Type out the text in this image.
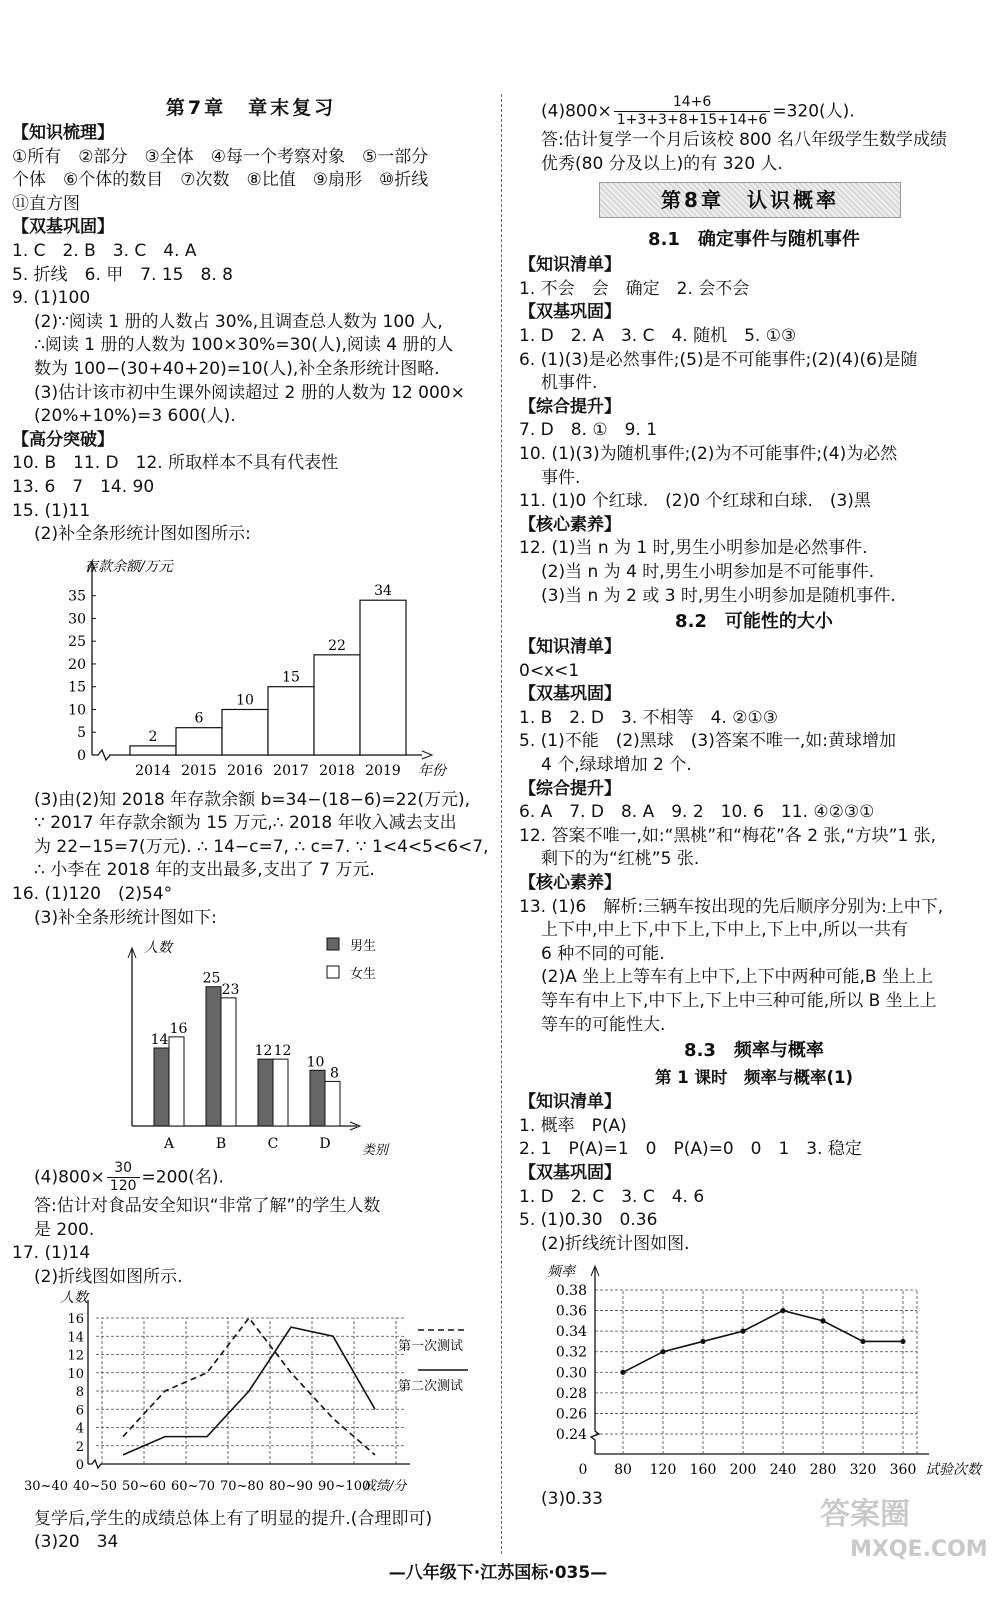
第7章　章末复习
【知识梳理】
①所有　②部分　③全体　④每一个考察对象　⑤一部分
个体　⑥个体的数目　⑦次数　⑧比值　⑨扇形　⑩折线
⑪直方图
【双基巩固】
1. C　2. B　3. C　4. A
5. 折线　6. 甲　7. 15　8. 8
9. (1)100
(2)∵阅读 1 册的人数占 30%,且调查总人数为 100 人,
∴阅读 1 册的人数为 100×30%=30(人),阅读 4 册的人
数为 100−(30+40+20)=10(人),补全条形统计图略.
(3)估计该市初中生课外阅读超过 2 册的人数为 12 000×
(20%+10%)=3 600(人).
【高分突破】
10. B　11. D　12. 所取样本不具有代表性
13. 6　7　14. 90
15. (1)11
(2)补全条形统计图如图所示:
存款余额/万元
0
5
10
15
20
25
30
35
2
2014
6
2015
10
2016
15
2017
22
2018
34
2019 年份
(3)由(2)知 2018 年存款余额 b=34−(18−6)=22(万元),
∵ 2017 年存款余额为 15 万元,∴ 2018 年收入减去支出
为 22−15=7(万元). ∴ 14−c=7, ∴ c=7. ∵ 1<4<5<6<7,
∴ 小李在 2018 年的支出最多,支出了 7 万元.
16. (1)120　(2)54°
(3)补全条形统计图如下:
人数
14
16
A
25
23
B
12 12
C
10
8
D 类别
男生
女生
$(4)800\times \frac{30}{120} =200$(名).
答:估计对食品安全知识“非常了解”的学生人数
是 200.
17. (1)14
(2)折线图如图所示.
人数
0
2
4
6
8
10
12
14
16
第一次测试
第二次测试
30~40 40~50 50~60 60~70 70~80 80~90 90~100
成绩/分
复学后,学生的成绩总体上有了明显的提升.(合理即可)
(3)20　34
$(4)800\times \frac{14+6}{1+3+3+8+15+14+6} =320$(人).
答:估计复学一个月后该校 800 名八年级学生数学成绩
优秀(80 分及以上)的有 320 人.
第8章　认识概率
8.1　确定事件与随机事件
【知识清单】
1. 不会　会　确定　2. 会不会
【双基巩固】
1. D　2. A　3. C　4. 随机　5. ①③
6. (1)(3)是必然事件;(5)是不可能事件;(2)(4)(6)是随
机事件.
【综合提升】
7. D　8. ①　9. 1
10. (1)(3)为随机事件;(2)为不可能事件;(4)为必然
事件.
11. (1)0 个红球.　(2)0 个红球和白球.　(3)黑
【核心素养】
12. (1)当 n 为 1 时,男生小明参加是必然事件.
(2)当 n 为 4 时,男生小明参加是不可能事件.
(3)当 n 为 2 或 3 时,男生小明参加是随机事件.
8.2　可能性的大小
【知识清单】
0<x<1
【双基巩固】
1. B　2. D　3. 不相等　4. ②①③
5. (1)不能　(2)黑球　(3)答案不唯一,如:黄球增加
4 个,绿球增加 2 个.
【综合提升】
6. A　7. D　8. A　9. 2　10. 6　11. ④②③①
12. 答案不唯一,如:“黑桃”和“梅花”各 2 张,“方块”1 张,
剩下的为“红桃”5 张.
【核心素养】
13. (1)6　解析:三辆车按出现的先后顺序分别为:上中下,
上下中,中上下,中下上,下中上,下上中,所以一共有
6 种不同的可能.
(2)A 坐上上等车有上中下,上下中两种可能,B 坐上上
等车有中上下,中下上,下上中三种可能,所以 B 坐上上
等车的可能性大.
8.3　频率与概率
第 1 课时　频率与概率(1)
【知识清单】
1. 概率　P(A)
2. 1　P(A)=1　0　P(A)=0　0　1　3. 稳定
【双基巩固】
1. D　2. C　3. C　4. 6
5. (1)0.30　0.36
(2)折线统计图如图.
频率
0.24
0.26
0.28
0.30
0.32
0.34
0.36
0.38
0 80 120 160 200 240 280 320 360 试验次数
(3)0.33
—八年级下·江苏国标·035—
答案圈
MXQE.COM
